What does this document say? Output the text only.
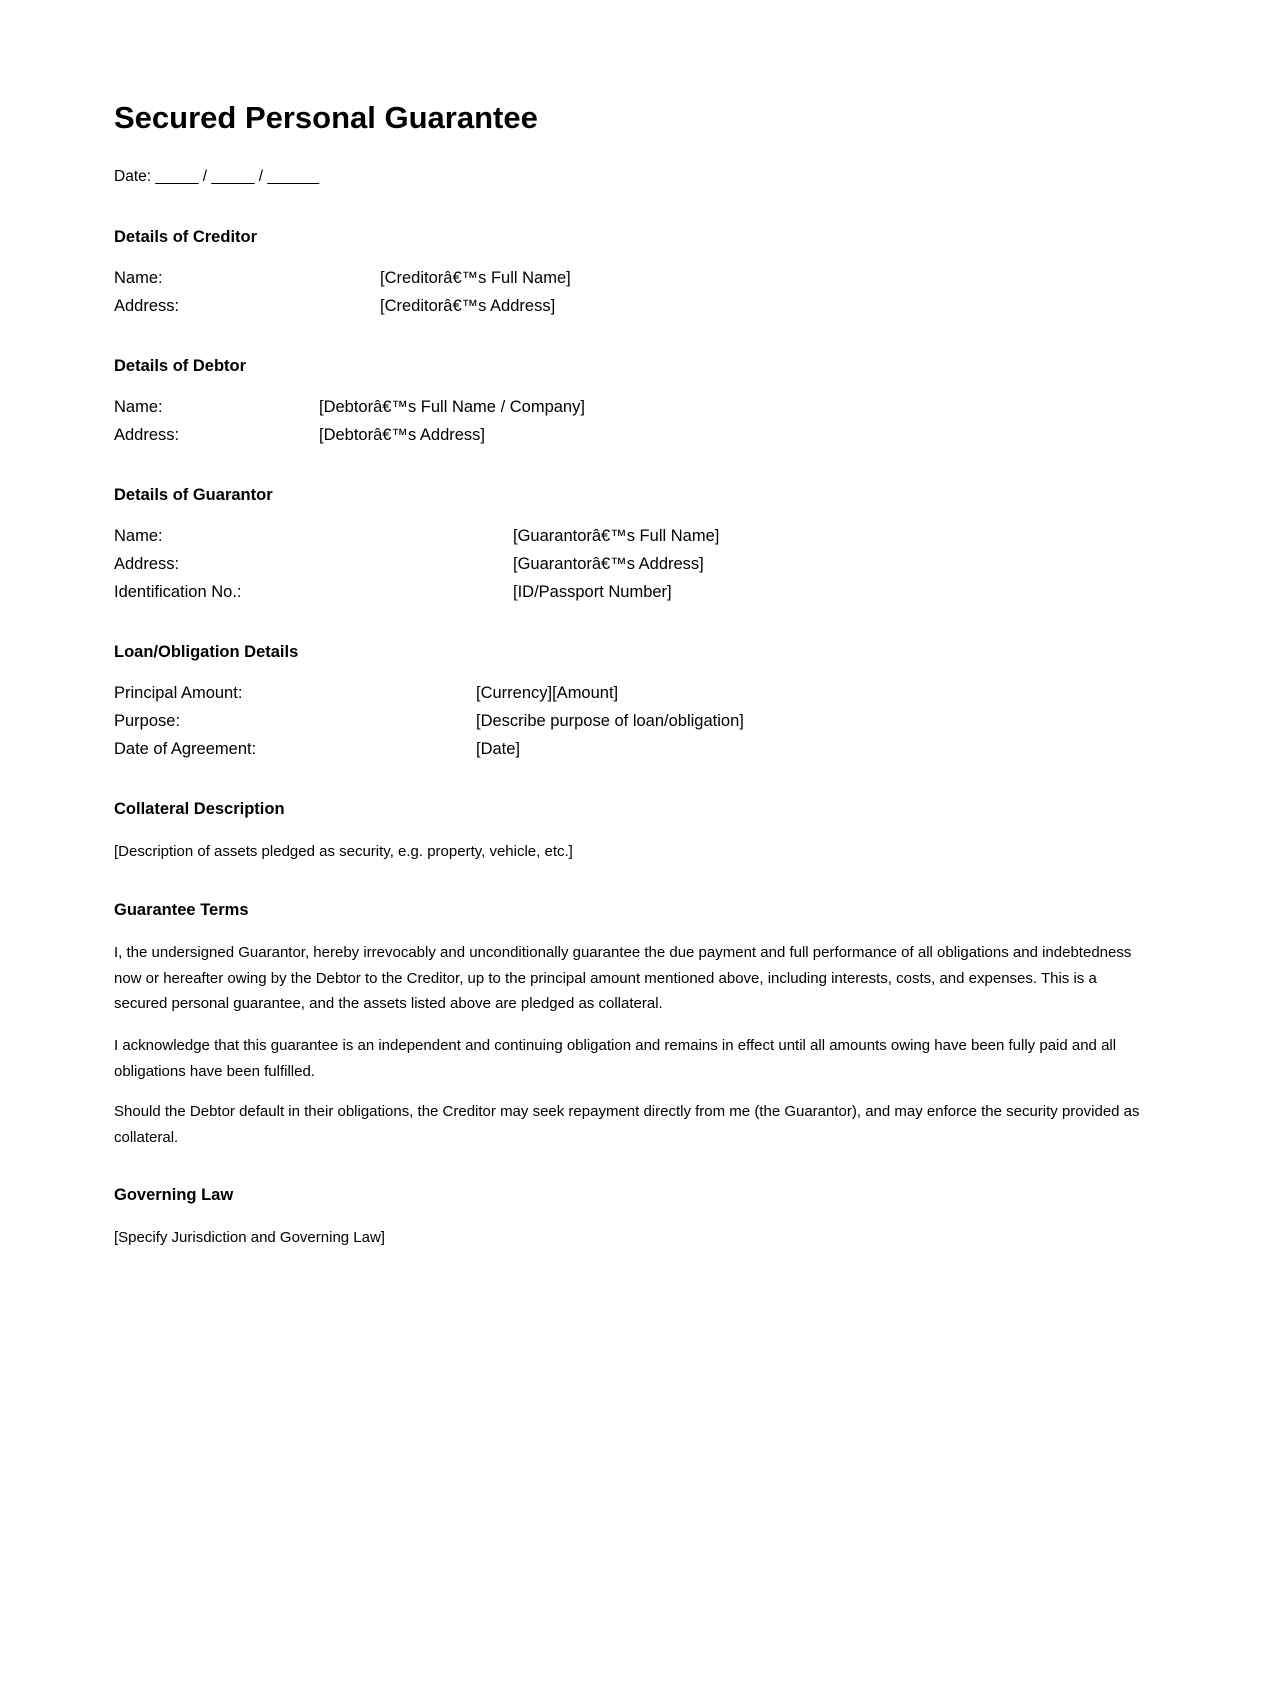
Secured Personal Guarantee
Date: _____ / _____ / ______
Details of Creditor
Name:	[Creditorâ€™s Full Name]
Address:	[Creditorâ€™s Address]
Details of Debtor
Name:	[Debtorâ€™s Full Name / Company]
Address:	[Debtorâ€™s Address]
Details of Guarantor
Name:	[Guarantorâ€™s Full Name]
Address:	[Guarantorâ€™s Address]
Identification No.:	[ID/Passport Number]
Loan/Obligation Details
Principal Amount:	[Currency][Amount]
Purpose:	[Describe purpose of loan/obligation]
Date of Agreement:	[Date]
Collateral Description

[Description of assets pledged as security, e.g. property, vehicle, etc.]

Guarantee Terms

I, the undersigned Guarantor, hereby irrevocably and unconditionally guarantee the due payment and full performance of all obligations and indebtedness now or hereafter owing by the Debtor to the Creditor, up to the principal amount mentioned above, including interests, costs, and expenses. This is a secured personal guarantee, and the assets listed above are pledged as collateral.

I acknowledge that this guarantee is an independent and continuing obligation and remains in effect until all amounts owing have been fully paid and all obligations have been fulfilled.

Should the Debtor default in their obligations, the Creditor may seek repayment directly from me (the Guarantor), and may enforce the security provided as collateral.

Governing Law

[Specify Jurisdiction and Governing Law]
